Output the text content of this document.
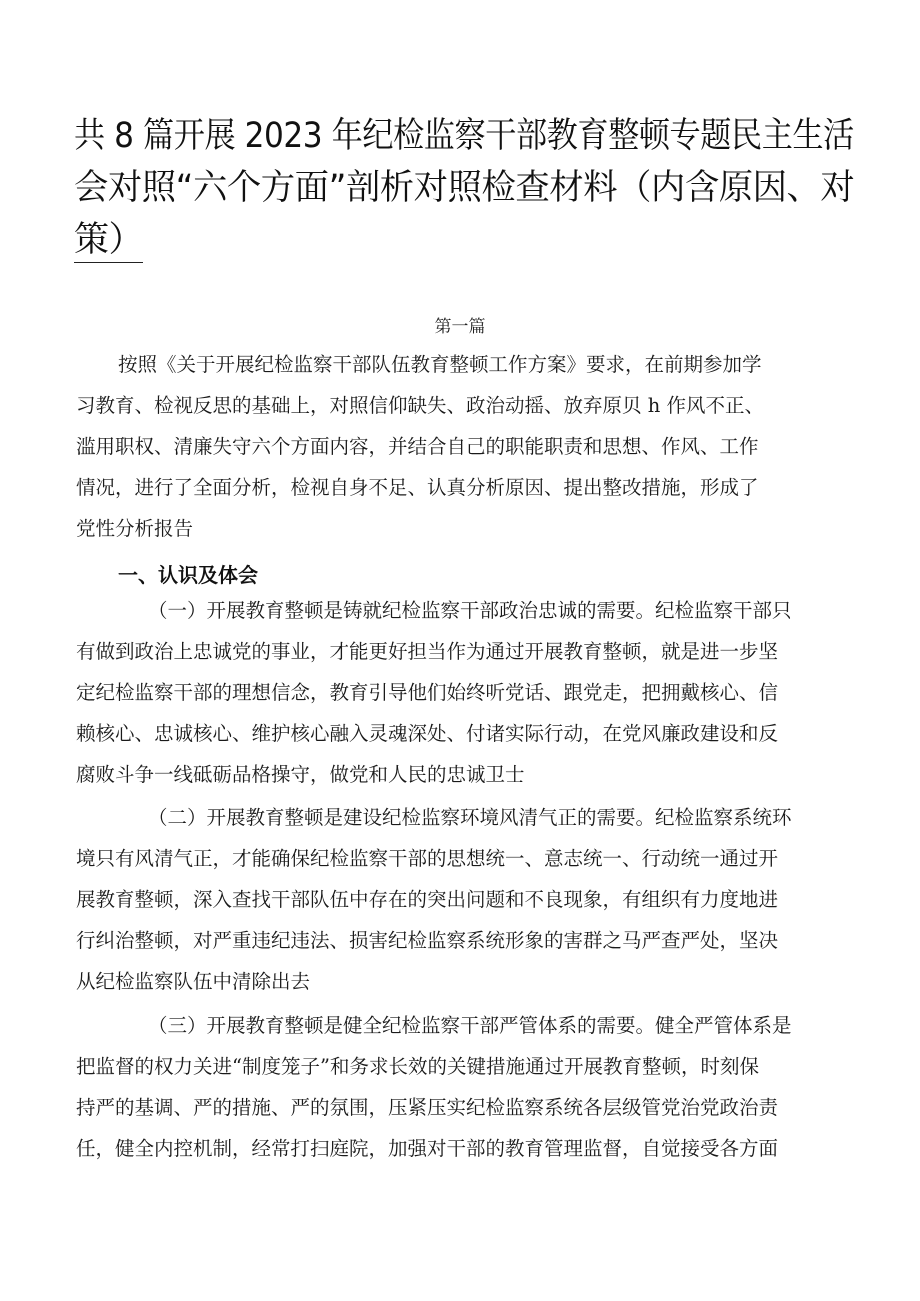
共 8 篇开展 2023 年纪检监察干部教育整顿专题民主生活
会对照“六个方面”剖析对照检查材料（内含原因、对
策）
第一篇
按照《关于开展纪检监察干部队伍教育整顿工作方案》要求，在前期参加学
习教育、检视反思的基础上，对照信仰缺失、政治动摇、放弃原贝 h 作风不正、
滥用职权、清廉失守六个方面内容，并结合自己的职能职责和思想、作风、工作
情况，进行了全面分析，检视自身不足、认真分析原因、提出整改措施，形成了
党性分析报告
一、认识及体会
（一）开展教育整顿是铸就纪检监察干部政治忠诚的需要。纪检监察干部只
有做到政治上忠诚党的事业，才能更好担当作为通过开展教育整顿，就是进一步坚
定纪检监察干部的理想信念，教育引导他们始终听党话、跟党走，把拥戴核心、信
赖核心、忠诚核心、维护核心融入灵魂深处、付诸实际行动，在党风廉政建设和反
腐败斗争一线砥砺品格操守，做党和人民的忠诚卫士
（二）开展教育整顿是建设纪检监察环境风清气正的需要。纪检监察系统环
境只有风清气正，才能确保纪检监察干部的思想统一、意志统一、行动统一通过开
展教育整顿，深入查找干部队伍中存在的突出问题和不良现象，有组织有力度地进
行纠治整顿，对严重违纪违法、损害纪检监察系统形象的害群之马严查严处，坚决
从纪检监察队伍中清除出去
（三）开展教育整顿是健全纪检监察干部严管体系的需要。健全严管体系是
把监督的权力关进“制度笼子”和务求长效的关键措施通过开展教育整顿，时刻保
持严的基调、严的措施、严的氛围，压紧压实纪检监察系统各层级管党治党政治责
任，健全内控机制，经常打扫庭院，加强对干部的教育管理监督，自觉接受各方面
